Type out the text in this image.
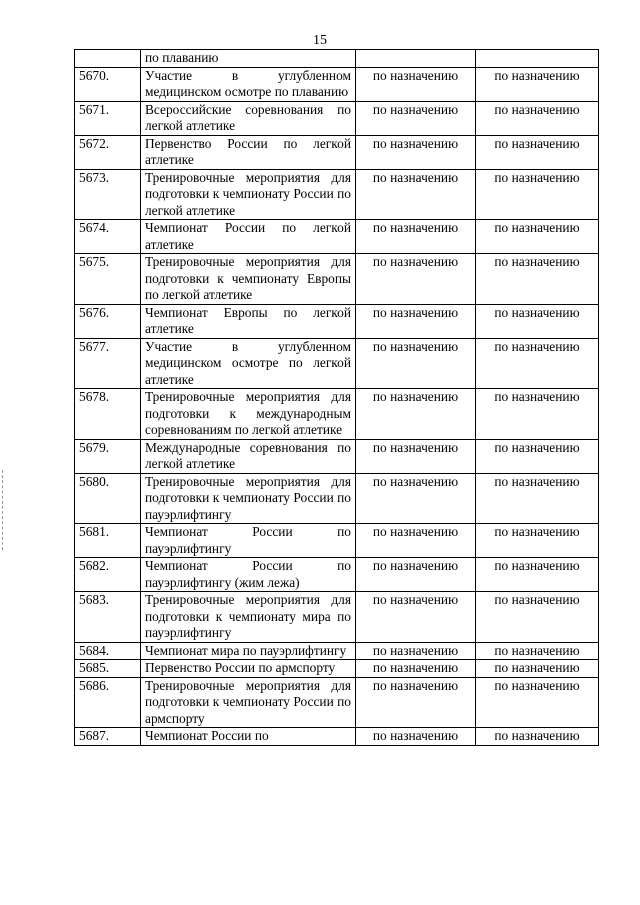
15
	по плаванию		
5670.	Участие в углубленном медицинском осмотре по плаванию	по назначению	по назначению
5671.	Всероссийские соревнования по легкой атлетике	по назначению	по назначению
5672.	Первенство России по легкой атлетике	по назначению	по назначению
5673.	Тренировочные мероприятия для подготовки к чемпионату России по легкой атлетике	по назначению	по назначению
5674.	Чемпионат России по легкой атлетике	по назначению	по назначению
5675.	Тренировочные мероприятия для подготовки к чемпионату Европы по легкой атлетике	по назначению	по назначению
5676.	Чемпионат Европы по легкой атлетике	по назначению	по назначению
5677.	Участие в углубленном медицинском осмотре по легкой атлетике	по назначению	по назначению
5678.	Тренировочные мероприятия для подготовки к международным соревнованиям по легкой атлетике	по назначению	по назначению
5679.	Международные соревнования по легкой атлетике	по назначению	по назначению
5680.	Тренировочные мероприятия для подготовки к чемпионату России по пауэрлифтингу	по назначению	по назначению
5681.	Чемпионат России по пауэрлифтингу	по назначению	по назначению
5682.	Чемпионат России по пауэрлифтингу (жим лежа)	по назначению	по назначению
5683.	Тренировочные мероприятия для подготовки к чемпионату мира по пауэрлифтингу	по назначению	по назначению
5684.	Чемпионат мира по пауэрлифтингу	по назначению	по назначению
5685.	Первенство России по армспорту	по назначению	по назначению
5686.	Тренировочные мероприятия для подготовки к чемпионату России по армспорту	по назначению	по назначению
5687.	Чемпионат России по	по назначению	по назначению
